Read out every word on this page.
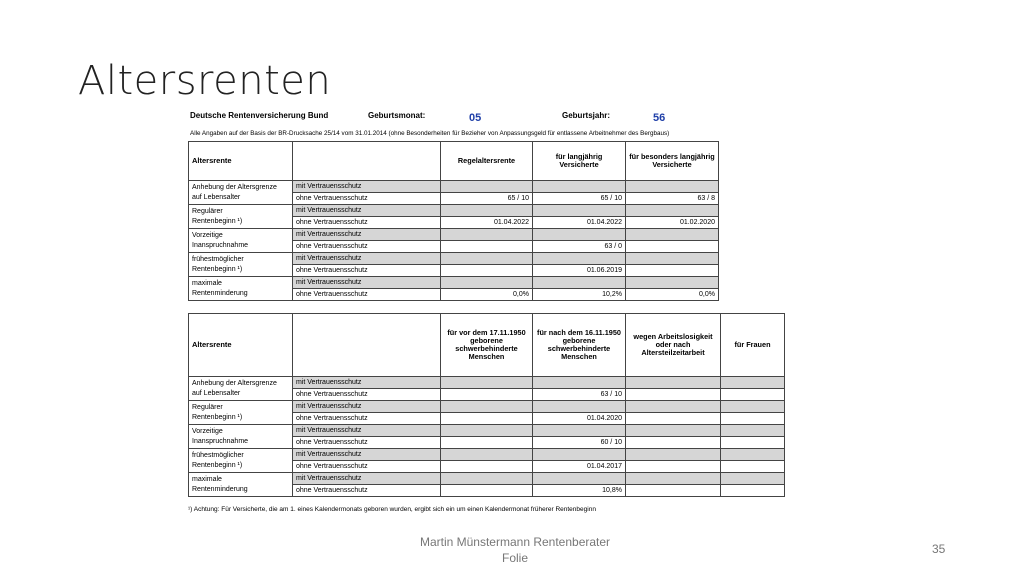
Altersrenten
Deutsche Rentenversicherung Bund	Geburtsmonat:	05	Geburtsjahr:	56
Alle Angaben auf der Basis der BR-Drucksache 25/14 vom 31.01.2014 (ohne Besonderheiten für Bezieher von Anpassungsgeld für entlassene Arbeitnehmer des Bergbaus)
Altersrente		Regelaltersrente	für langjährig Versicherte	für besonders langjährig Versicherte

Anhebung der Altersgrenze
auf Lebensalter	mit Vertrauensschutz			
	ohne Vertrauensschutz	65 / 10	65 / 10	63 / 8

Regulärer
Rentenbeginn ¹)	mit Vertrauensschutz			
	ohne Vertrauensschutz	01.04.2022	01.04.2022	01.02.2020

Vorzeitige
Inanspruchnahme	mit Vertrauensschutz			
	ohne Vertrauensschutz		63 / 0	

frühestmöglicher
Rentenbeginn ¹)	mit Vertrauensschutz			
	ohne Vertrauensschutz		01.06.2019	

maximale
Rentenminderung	mit Vertrauensschutz			
	ohne Vertrauensschutz	0,0%	10,2%	0,0%
Altersrente		für vor dem 17.11.1950 geborene schwerbehinderte Menschen	für nach dem 16.11.1950 geborene schwerbehinderte Menschen	wegen Arbeitslosigkeit oder nach Altersteilzeitarbeit	für Frauen

Anhebung der Altersgrenze
auf Lebensalter	mit Vertrauensschutz				
	ohne Vertrauensschutz		63 / 10		

Regulärer
Rentenbeginn ¹)	mit Vertrauensschutz				
	ohne Vertrauensschutz		01.04.2020		

Vorzeitige
Inanspruchnahme	mit Vertrauensschutz				
	ohne Vertrauensschutz		60 / 10		

frühestmöglicher
Rentenbeginn ¹)	mit Vertrauensschutz				
	ohne Vertrauensschutz		01.04.2017		

maximale
Rentenminderung	mit Vertrauensschutz				
	ohne Vertrauensschutz		10,8%		
¹) Achtung: Für Versicherte, die am 1. eines Kalendermonats geboren wurden, ergibt sich ein um einen Kalendermonat früherer Rentenbeginn
Martin Münstermann Rentenberater
Folie
35
